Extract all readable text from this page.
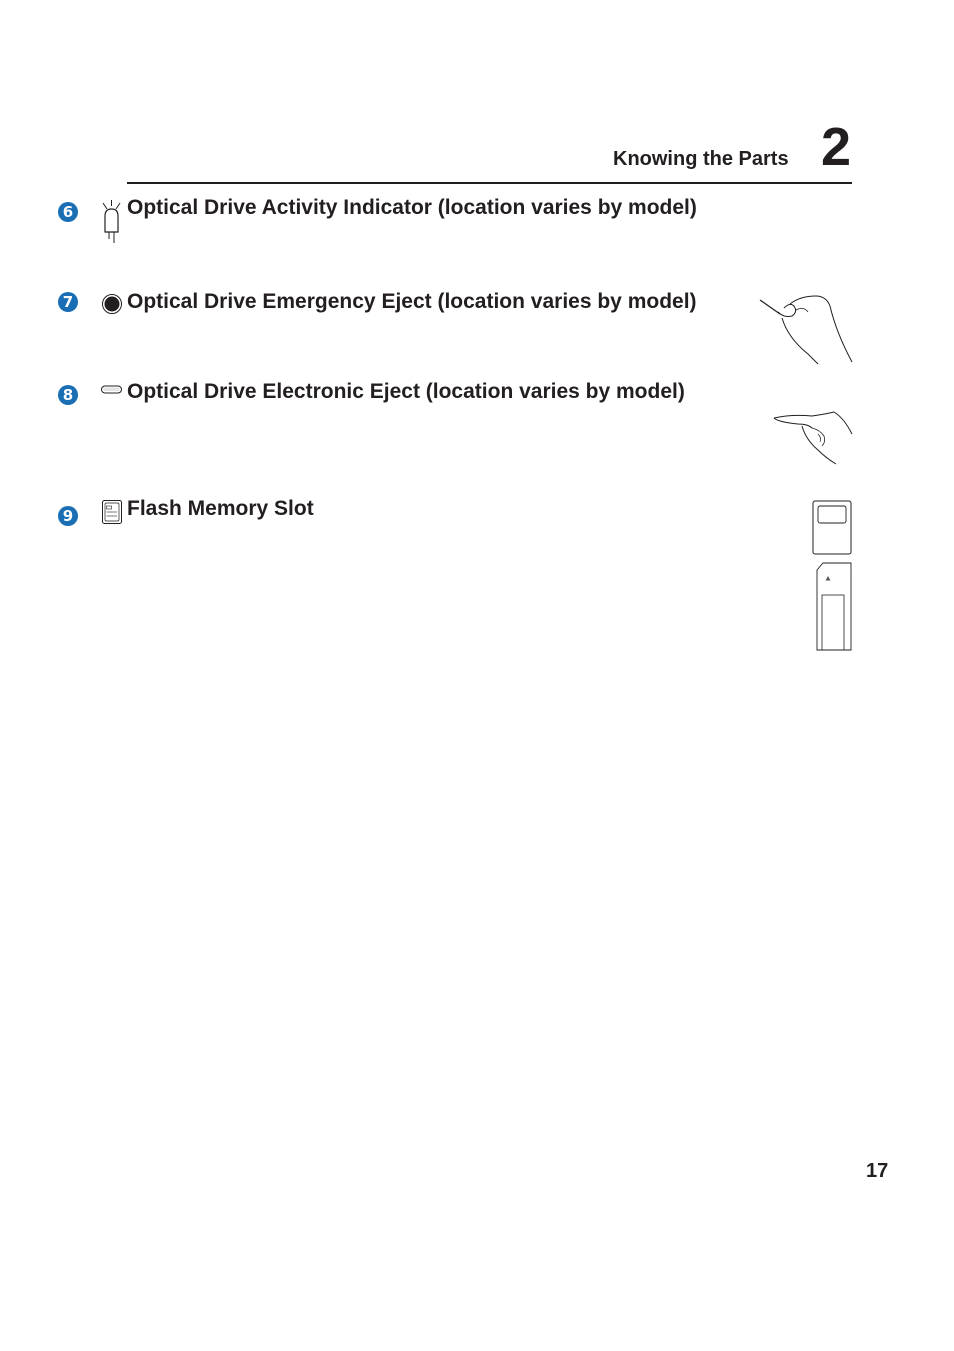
Knowing the Parts 2
6	Optical Drive Activity Indicator (location varies by model)
7	Optical Drive Emergency Eject (location varies by model)
8	Optical Drive Electronic Eject (location varies by model)
9	Flash Memory Slot
17
